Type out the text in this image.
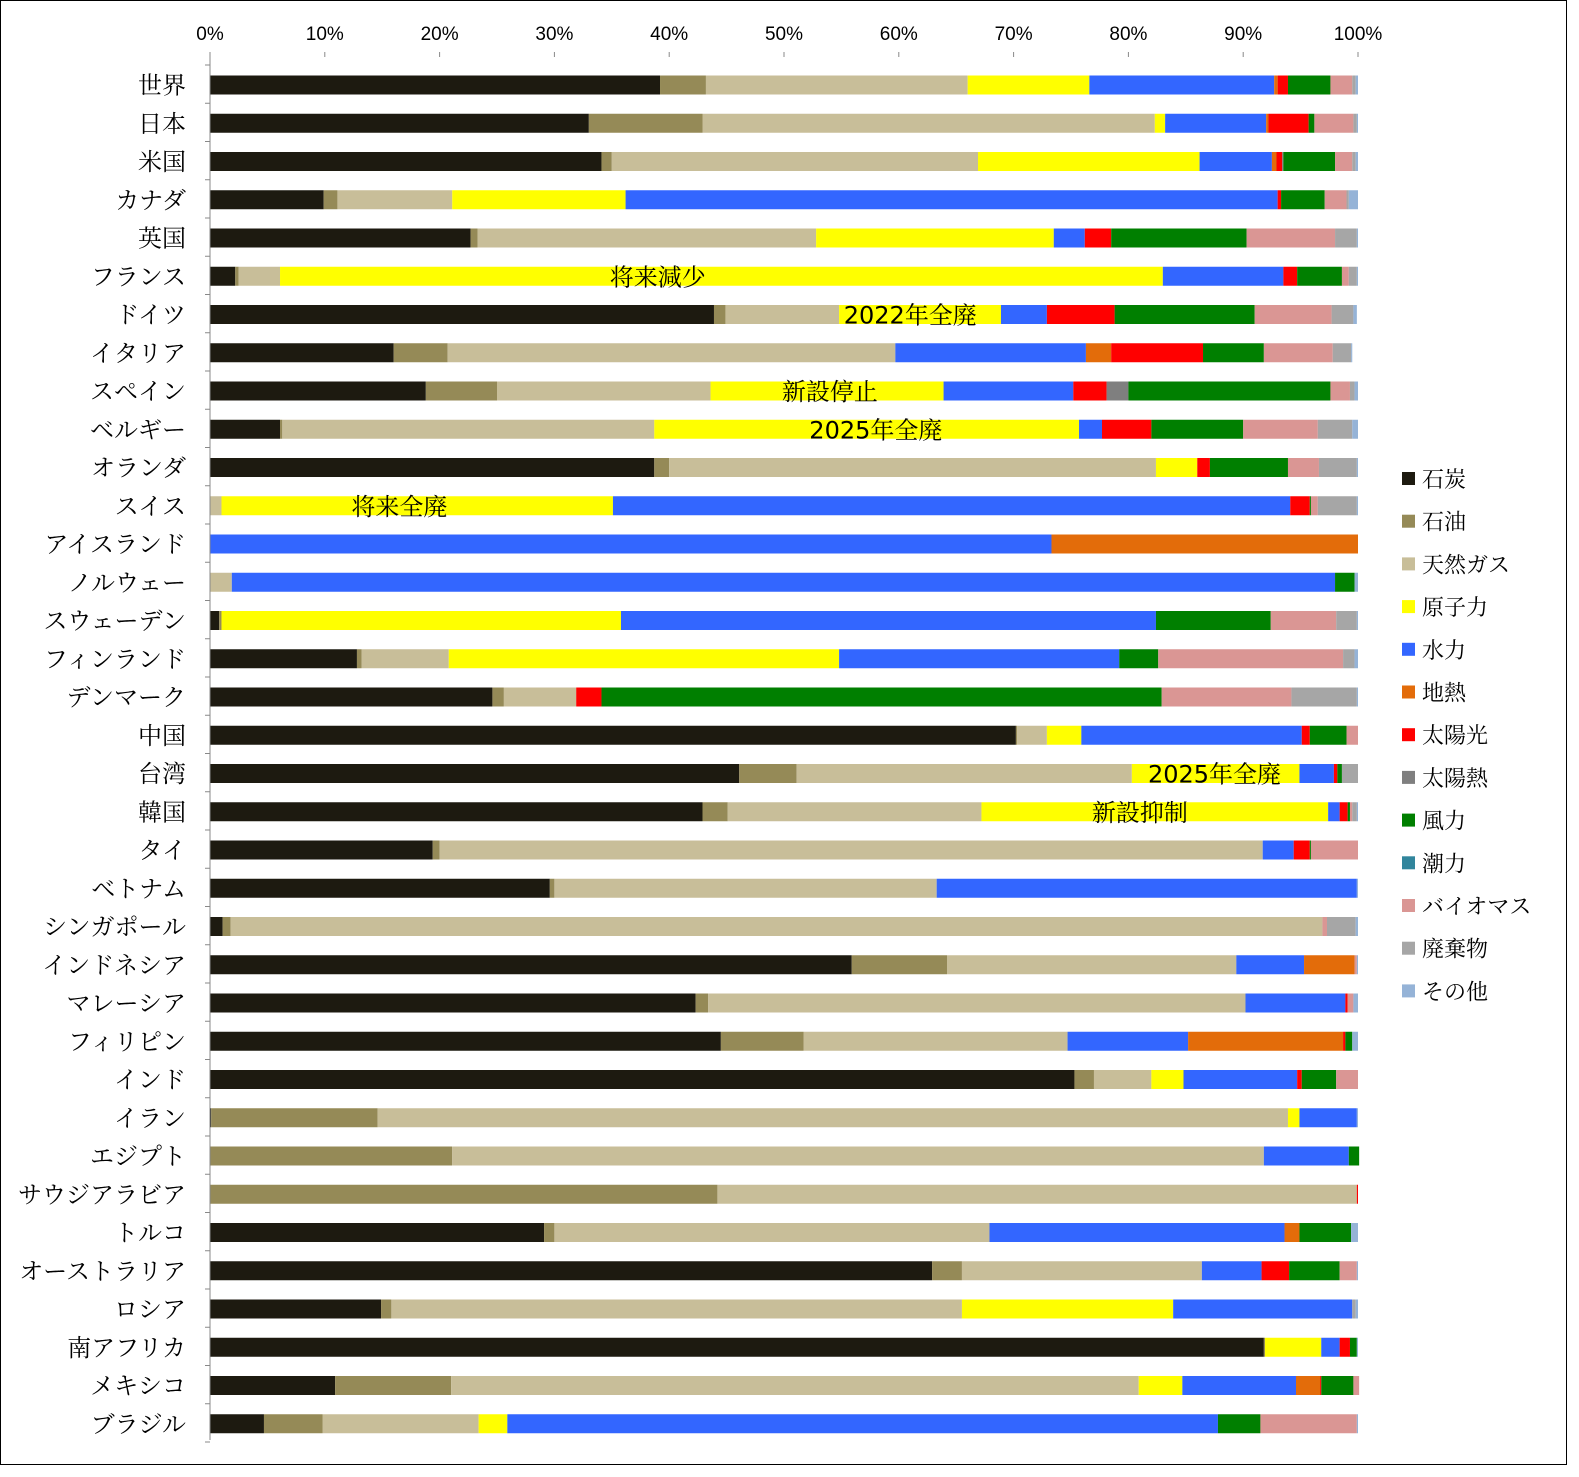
0%	10%	20%	30%	40%	50%	60%	70%	80%	90%	100%
世界
日本
米国
カナダ
英国
フランス
ドイツ
イタリア
スペイン
ベルギー
オランダ
スイス
アイスランド
ノルウェー
スウェーデン
フィンランド
デンマーク
中国
台湾
韓国
タイ
ベトナム
シンガポール
インドネシア
マレーシア
フィリピン
インド
イラン
エジプト
サウジアラビア
トルコ
オーストラリア
ロシア
南アフリカ
メキシコ
ブラジル
将来減少
2022年全廃
新設停止
2025年全廃
将来全廃
2025年全廃
新設抑制
石炭
石油
天然ガス
原子力
水力
地熱
太陽光
太陽熱
風力
潮力
バイオマス
廃棄物
その他
